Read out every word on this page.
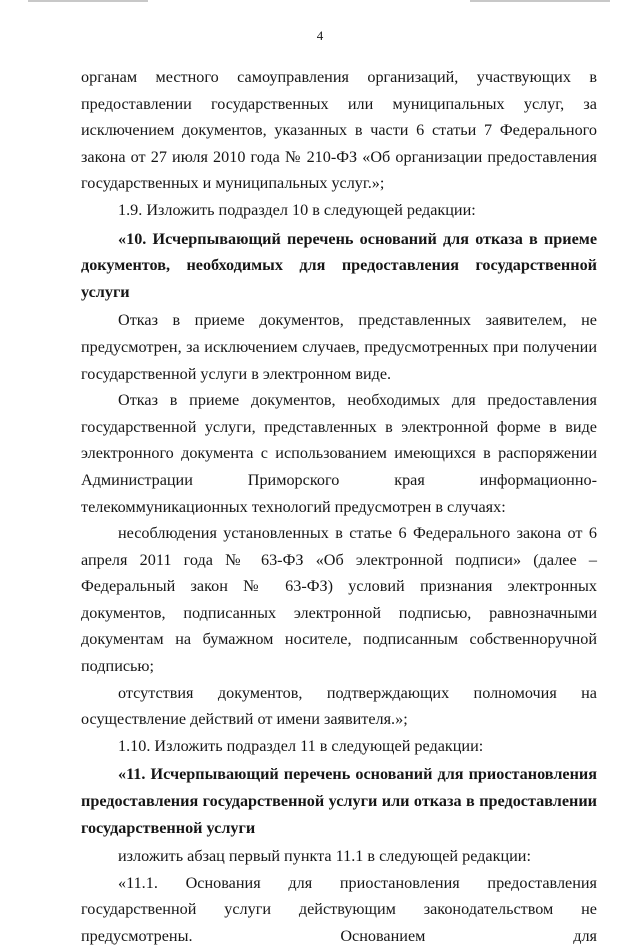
4

органам местного самоуправления организаций, участвующих в предоставлении государственных или муниципальных услуг, за исключением документов, указанных в части 6 статьи 7 Федерального закона от 27 июля 2010 года № 210-ФЗ «Об организации предоставления государственных и муниципальных услуг.»;

1.9. Изложить подраздел 10 в следующей редакции:

«10. Исчерпывающий перечень оснований для отказа в приеме документов, необходимых для предоставления государственной услуги

Отказ в приеме документов, представленных заявителем, не предусмотрен, за исключением случаев, предусмотренных при получении государственной услуги в электронном виде.

Отказ в приеме документов, необходимых для предоставления государственной услуги, представленных в электронной форме в виде электронного документа с использованием имеющихся в распоряжении Администрации Приморского края информационно-телекоммуникационных технологий предусмотрен в случаях:

несоблюдения установленных в статье 6 Федерального закона от 6 апреля 2011 года № 63-ФЗ «Об электронной подписи» (далее – Федеральный закон № 63-ФЗ) условий признания электронных документов, подписанных электронной подписью, равнозначными документам на бумажном носителе, подписанным собственноручной подписью;

отсутствия документов, подтверждающих полномочия на осуществление действий от имени заявителя.»;

1.10. Изложить подраздел 11 в следующей редакции:

«11. Исчерпывающий перечень оснований для приостановления предоставления государственной услуги или отказа в предоставлении государственной услуги

изложить абзац первый пункта 11.1 в следующей редакции:

«11.1. Основания для приостановления предоставления государственной услуги действующим законодательством не предусмотрены. Основанием для
